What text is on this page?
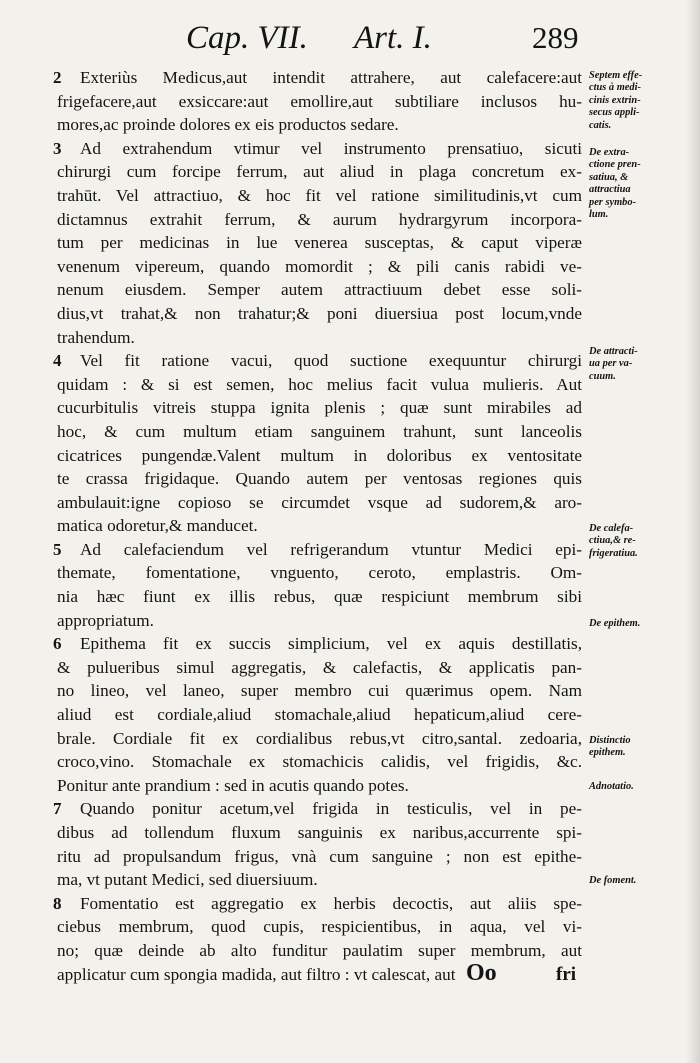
Cap. VII. Art. I.	289
2 Exteriùs Medicus,aut intendit attrahere, aut calefacere:aut
frigefacere,aut exsiccare:aut emollire,aut subtiliare inclusos hu-
mores,ac proinde dolores ex eis productos sedare.
3 Ad extrahendum vtimur vel instrumento prensatiuo, sicuti
chirurgi cum forcipe ferrum, aut aliud in plaga concretum ex-
trahūt. Vel attractiuo, & hoc fit vel ratione similitudinis,vt cum
dictamnus extrahit ferrum, & aurum hydrargyrum incorpora-
tum per medicinas in lue venerea susceptas, & caput viperæ
venenum vipereum, quando momordit ; & pili canis rabidi ve-
nenum eiusdem. Semper autem attractiuum debet esse soli-
dius,vt trahat,& non trahatur;& poni diuersiua post locum,vnde
trahendum.
4 Vel fit ratione vacui, quod suctione exequuntur chirurgi
quidam : & si est semen, hoc melius facit vulua mulieris. Aut
cucurbitulis vitreis stuppa ignita plenis ; quæ sunt mirabiles ad
hoc, & cum multum etiam sanguinem trahunt, sunt lanceolis
cicatrices pungendæ.Valent multum in doloribus ex ventositate
te crassa frigidaque. Quando autem per ventosas regiones quis
ambulauit:igne copioso se circumdet vsque ad sudorem,& aro-
matica odoretur,& manducet.
5 Ad calefaciendum vel refrigerandum vtuntur Medici epi-
themate, fomentatione, vnguento, ceroto, emplastris. Om-
nia hæc fiunt ex illis rebus, quæ respiciunt membrum sibi
appropriatum.
6 Epithema fit ex succis simplicium, vel ex aquis destillatis,
& pulueribus simul aggregatis, & calefactis, & applicatis pan-
no lineo, vel laneo, super membro cui quærimus opem. Nam
aliud est cordiale,aliud stomachale,aliud hepaticum,aliud cere-
brale. Cordiale fit ex cordialibus rebus,vt citro,santal. zedoaria,
croco,vino. Stomachale ex stomachicis calidis, vel frigidis, &c.
Ponitur ante prandium : sed in acutis quando potes.
7 Quando ponitur acetum,vel frigida in testiculis, vel in pe-
dibus ad tollendum fluxum sanguinis ex naribus,accurrente spi-
ritu ad propulsandum frigus, vnà cum sanguine ; non est epithe-
ma, vt putant Medici, sed diuersiuum.
8 Fomentatio est aggregatio ex herbis decoctis, aut aliis spe-
ciebus membrum, quod cupis, respicientibus, in aqua, vel vi-
no; quæ deinde ab alto funditur paulatim super membrum, aut
applicatur cum spongia madida, aut filtro : vt calescat, aut
Septem effe-
ctus à medi-
cinis extrin-
secus appli-
catis.
De extra-
ctione pren-
satiua, &
attractiua
per symbo-
lum.
De attracti-
ua per va-
cuum.
De calefa-
ctiua,& re-
frigeratiua.
De epithem.
Distinctio
epithem.
Adnotatio.
De foment.
Oo	fri
